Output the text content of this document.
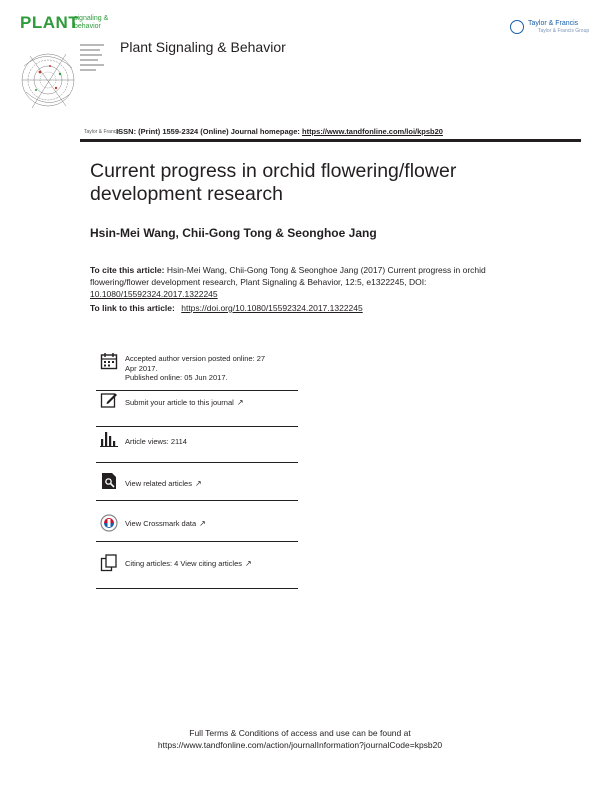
PLANT
signaling &
behavior
Plant Signaling & Behavior
Taylor & Francis
Taylor & Francis Group
Taylor & Francis ISSN: (Print) 1559-2324 (Online) Journal homepage: https://www.tandfonline.com/loi/kpsb20
Current progress in orchid flowering/flower development research
Hsin-Mei Wang, Chii-Gong Tong & Seonghoe Jang
To cite this article: Hsin-Mei Wang, Chii-Gong Tong & Seonghoe Jang (2017) Current progress in orchid flowering/flower development research, Plant Signaling & Behavior, 12:5, e1322245, DOI: 10.1080/15592324.2017.1322245
To link to this article: https://doi.org/10.1080/15592324.2017.1322245
Accepted author version posted online: 27
Apr 2017.
Published online: 05 Jun 2017.
Submit your article to this journal ↗
Article views: 2114
View related articles ↗
View Crossmark data ↗
Citing articles: 4 View citing articles ↗
Full Terms & Conditions of access and use can be found at
https://www.tandfonline.com/action/journalInformation?journalCode=kpsb20
